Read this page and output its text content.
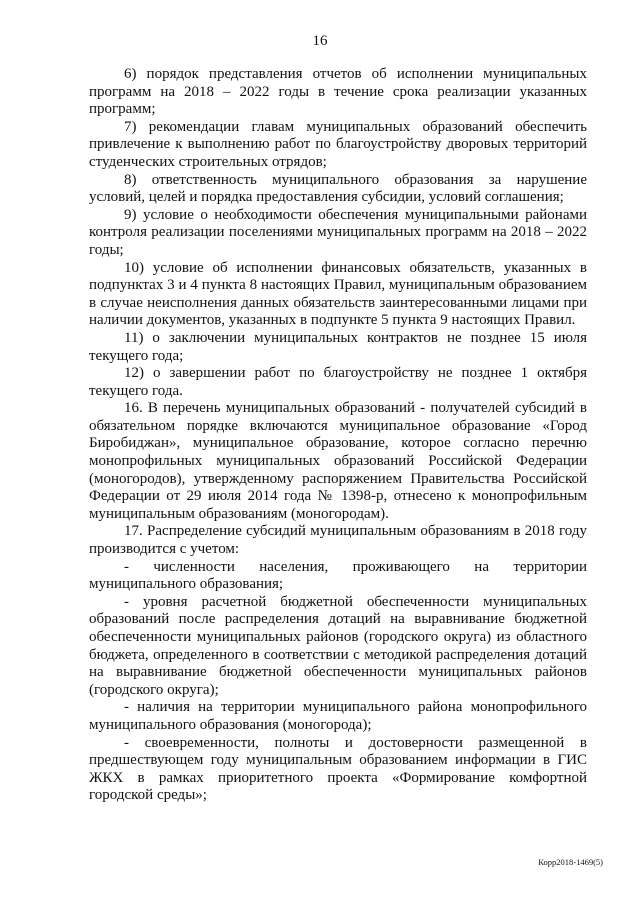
16

6) порядок представления отчетов об исполнении муниципальных программ на 2018 – 2022 годы в течение срока реализации указанных программ;

7) рекомендации главам муниципальных образований обеспечить привлечение к выполнению работ по благоустройству дворовых территорий студенческих строительных отрядов;

8) ответственность муниципального образования за нарушение условий, целей и порядка предоставления субсидии, условий соглашения;

9) условие о необходимости обеспечения муниципальными районами контроля реализации поселениями муниципальных программ на 2018 – 2022 годы;

10) условие об исполнении финансовых обязательств, указанных в подпунктах 3 и 4 пункта 8 настоящих Правил, муниципальным образованием в случае неисполнения данных обязательств заинтересованными лицами при наличии документов, указанных в подпункте 5 пункта 9 настоящих Правил.

11) о заключении муниципальных контрактов не позднее 15 июля текущего года;

12) о завершении работ по благоустройству не позднее 1 октября текущего года.

16. В перечень муниципальных образований - получателей субсидий в обязательном порядке включаются муниципальное образование «Город Биробиджан», муниципальное образование, которое согласно перечню монопрофильных муниципальных образований Российской Федерации (моногородов), утвержденному распоряжением Правительства Российской Федерации от 29 июля 2014 года № 1398-р, отнесено к монопрофильным муниципальным образованиям (моногородам).

17. Распределение субсидий муниципальным образованиям в 2018 году производится с учетом:

- численности населения, проживающего на территории муниципального образования;

- уровня расчетной бюджетной обеспеченности муниципальных образований после распределения дотаций на выравнивание бюджетной обеспеченности муниципальных районов (городского округа) из областного бюджета, определенного в соответствии с методикой распределения дотаций на выравнивание бюджетной обеспеченности муниципальных районов (городского округа);

- наличия на территории муниципального района монопрофильного муниципального образования (моногорода);

- своевременности, полноты и достоверности размещенной в предшествующем году муниципальным образованием информации в ГИС ЖКХ в рамках приоритетного проекта «Формирование комфортной городской среды»;

Корр2018-1469(5)
